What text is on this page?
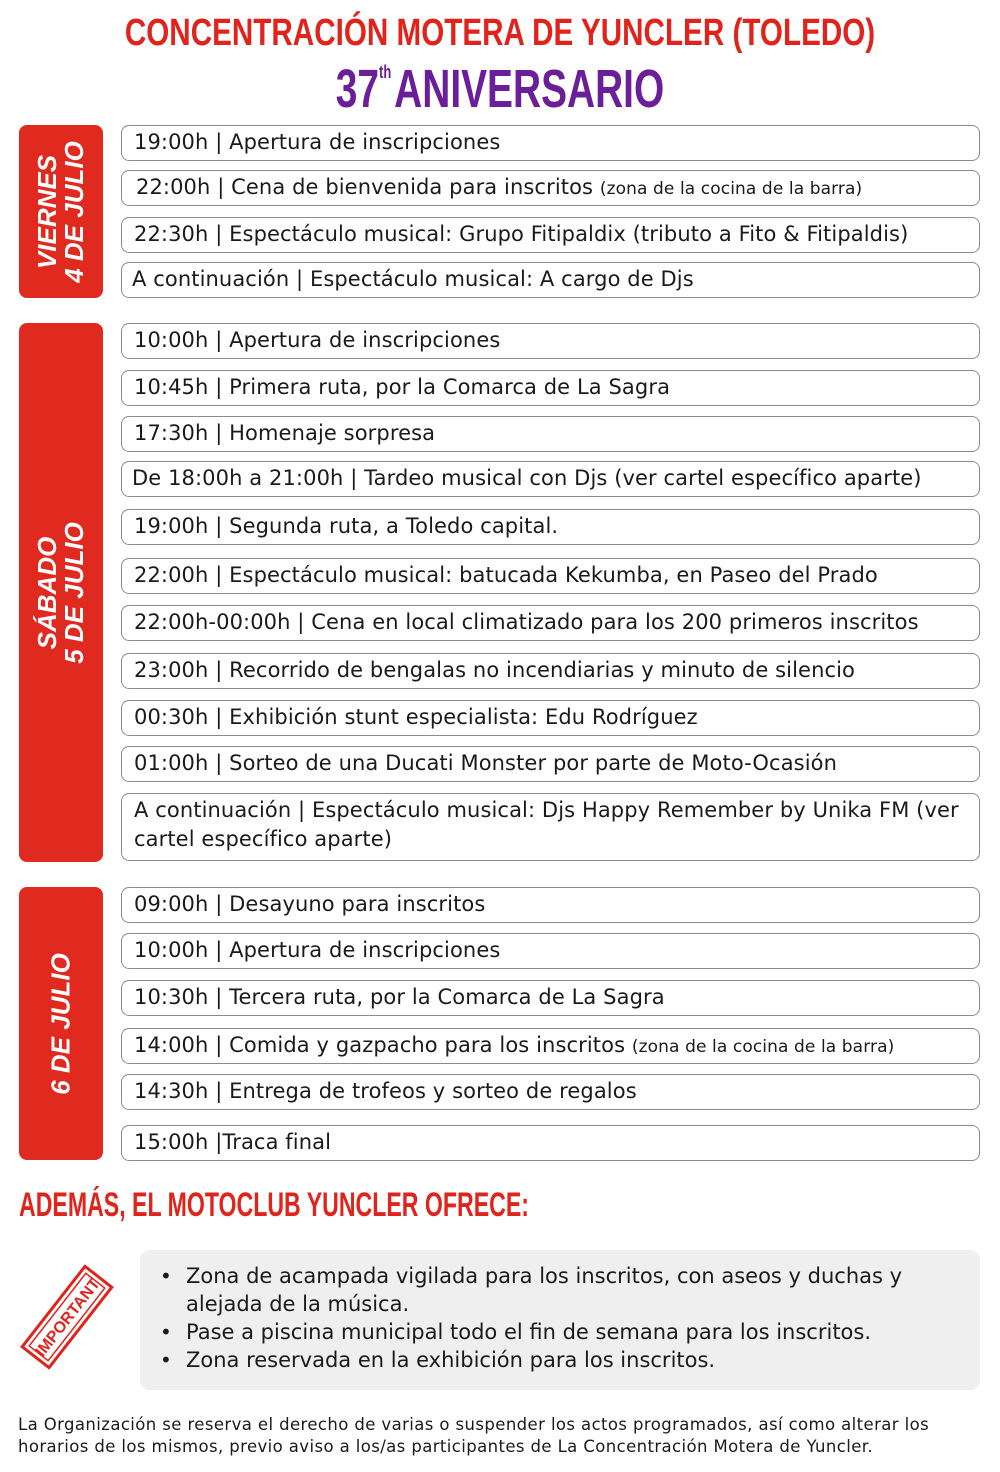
CONCENTRACIÓN MOTERA DE YUNCLER (TOLEDO)
37thANIVERSARIO
VIERNES
4 DE JULIO	19:00h | Apertura de inscripciones
22:00h | Cena de bienvenida para inscritos (zona de la cocina de la barra)
22:30h | Espectáculo musical: Grupo Fitipaldix (tributo a Fito & Fitipaldis)
A continuación | Espectáculo musical: A cargo de Djs
SÁBADO
5 DE JULIO
10:00h | Apertura de inscripciones
10:45h | Primera ruta, por la Comarca de La Sagra
17:30h | Homenaje sorpresa
De 18:00h a 21:00h | Tardeo musical con Djs (ver cartel específico aparte)
19:00h | Segunda ruta, a Toledo capital.
22:00h | Espectáculo musical: batucada Kekumba, en Paseo del Prado
22:00h-00:00h | Cena en local climatizado para los 200 primeros inscritos
23:00h | Recorrido de bengalas no incendiarias y minuto de silencio
00:30h | Exhibición stunt especialista: Edu Rodríguez
01:00h | Sorteo de una Ducati Monster por parte de Moto-Ocasión
A continuación | Espectáculo musical: Djs Happy Remember by Unika FM (ver cartel específico aparte)
6 DE JULIO
09:00h | Desayuno para inscritos
10:00h | Apertura de inscripciones
10:30h | Tercera ruta, por la Comarca de La Sagra
14:00h | Comida y gazpacho para los inscritos (zona de la cocina de la barra)
14:30h | Entrega de trofeos y sorteo de regalos
15:00h |Traca final
ADEMÁS, EL MOTOCLUB YUNCLER OFRECE:
IMPORTANT	• Zona de acampada vigilada para los inscritos, con aseos y duchas y alejada de la música.
• Pase a piscina municipal todo el fin de semana para los inscritos.
• Zona reservada en la exhibición para los inscritos.
La Organización se reserva el derecho de varias o suspender los actos programados, así como alterar los horarios de los mismos, previo aviso a los/as participantes de La Concentración Motera de Yuncler.
